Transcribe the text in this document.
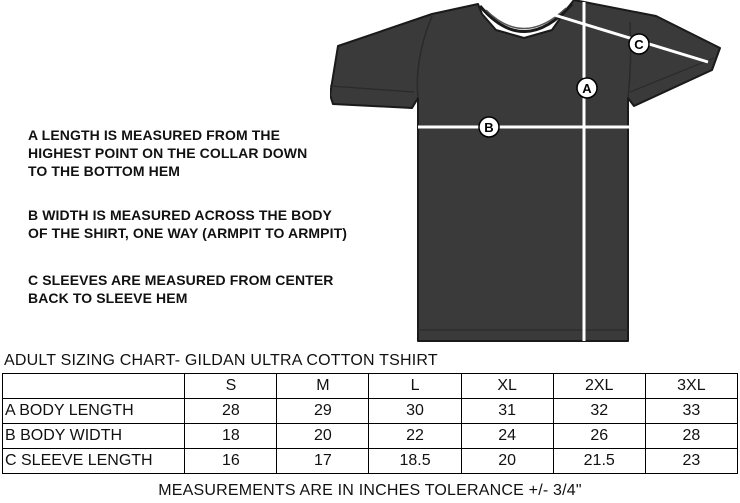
A LENGTH IS MEASURED FROM THE

HIGHEST POINT ON THE COLLAR DOWN

TO THE BOTTOM HEM

B WIDTH IS MEASURED ACROSS THE BODY

OF THE SHIRT, ONE WAY (ARMPIT TO ARMPIT)

C SLEEVES ARE MEASURED FROM CENTER

BACK TO SLEEVE HEM

A
B
C
ADULT SIZING CHART- GILDAN ULTRA COTTON TSHIRT
	S	M	L	XL	2XL	3XL
A BODY LENGTH	28	29	30	31	32	33
B BODY WIDTH	18	20	22	24	26	28
C SLEEVE LENGTH	16	17	18.5	20	21.5	23
MEASUREMENTS ARE IN INCHES TOLERANCE +/- 3/4"
